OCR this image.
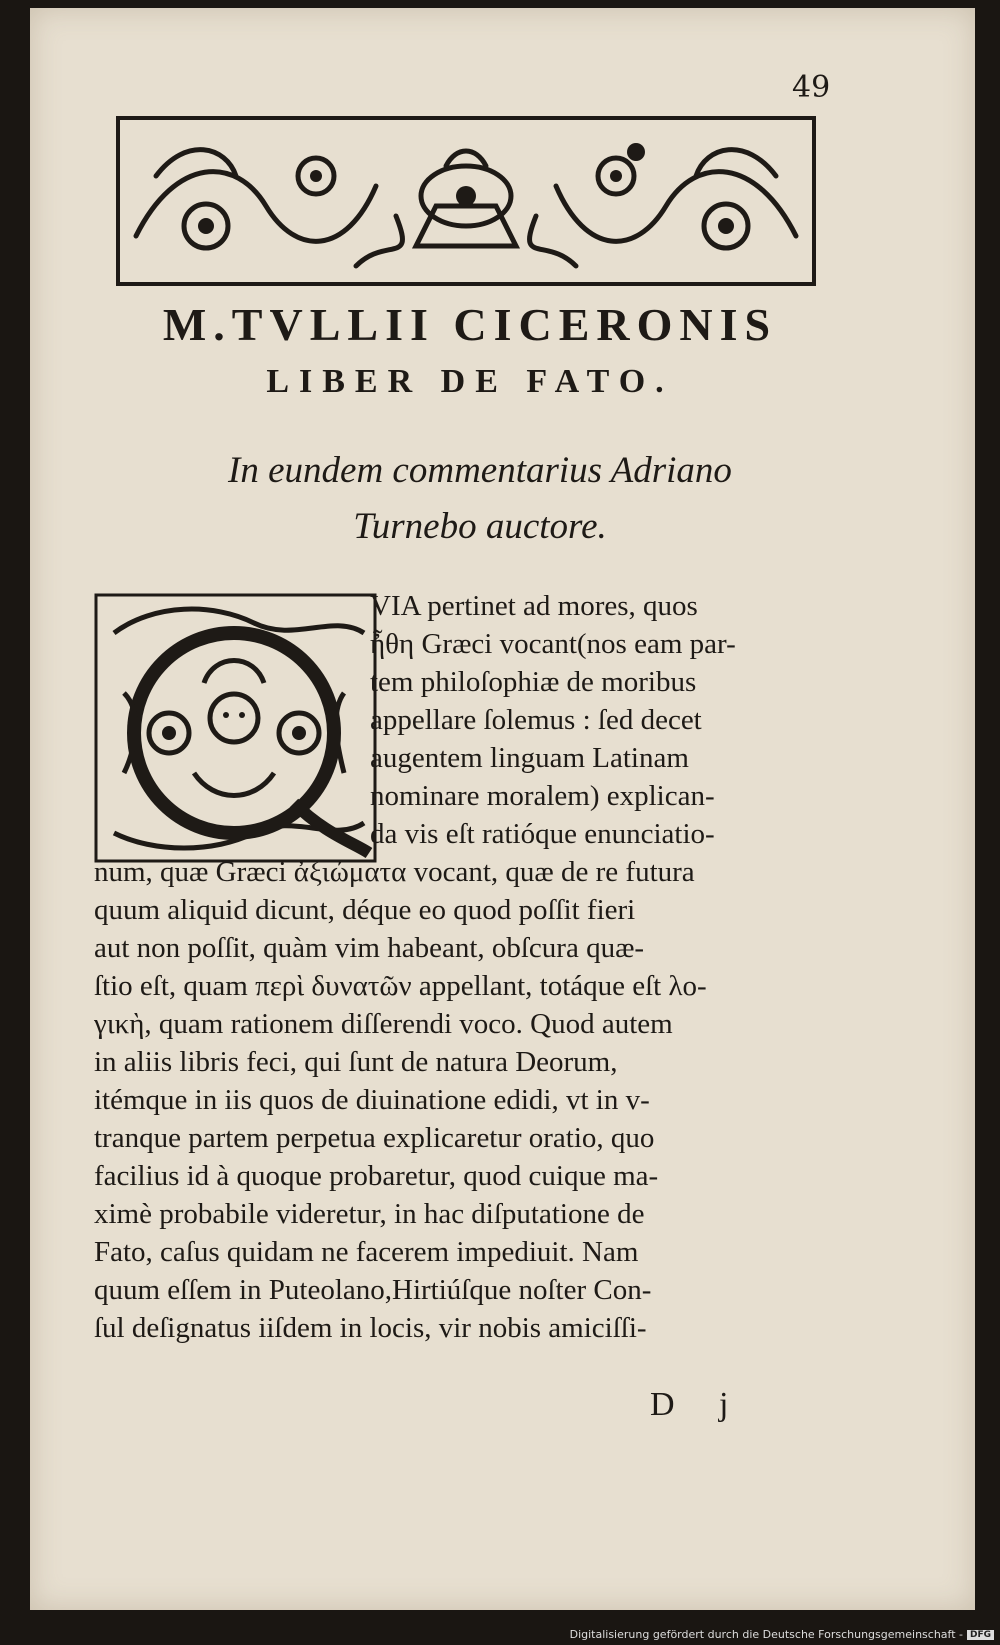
49
M.TVLLII CICERONIS
LIBER DE FATO.
In eundem commentarius Adriano
Turnebo auctore.
VIA pertinet ad mores, quos
ἦθη Græci vocant(nos eam par-
tem philoſophiæ de moribus
appellare ſolemus : ſed decet
augentem linguam Latinam
nominare moralem) explican-
da vis eſt ratióque enunciatio-
num, quæ Græci ἀξιώματα vocant, quæ de re futura
quum aliquid dicunt, déque eo quod poſſit fieri
aut non poſſit, quàm vim habeant, obſcura quæ-
ſtio eſt, quam περὶ δυνατῶν appellant, totáque eſt λο-
γικὴ, quam rationem diſſerendi voco. Quod autem
in aliis libris feci, qui ſunt de natura Deorum,
itémque in iis quos de diuinatione edidi, vt in v-
tranque partem perpetua explicaretur oratio, quo
facilius id à quoque probaretur, quod cuique ma-
ximè probabile videretur, in hac diſputatione de
Fato, caſus quidam ne facerem impediuit. Nam
quum eſſem in Puteolano,Hirtiúſque noſter Con-
ſul deſignatus iiſdem in locis, vir nobis amiciſſi-
D j
Digitalisierung gefördert durch die Deutsche Forschungsgemeinschaft - DFG
